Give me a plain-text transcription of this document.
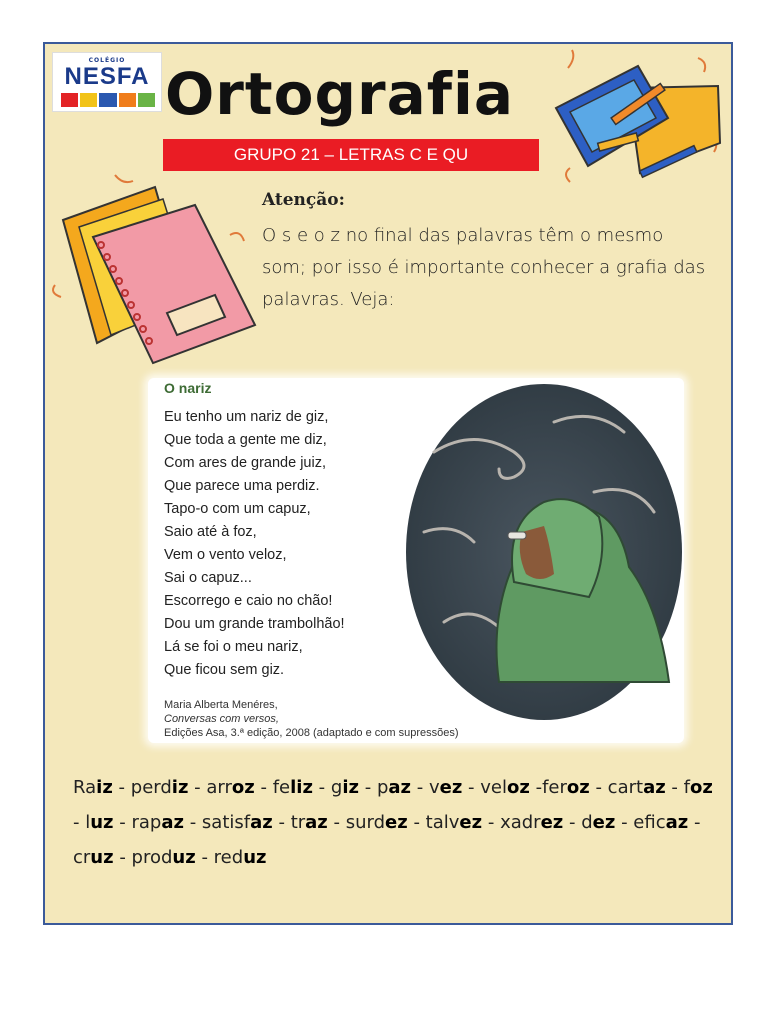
COLÉGIO
NESFA Ortografia
GRUPO 21 – LETRAS C E QU
Atenção:
O s e o z no final das palavras têm o mesmo som; por isso é importante conhecer a grafia das palavras. Veja:
O nariz
Eu tenho um nariz de giz,
Que toda a gente me diz,
Com ares de grande juiz,
Que parece uma perdiz.
Tapo-o com um capuz,
Saio até à foz,
Vem o vento veloz,
Sai o capuz...
Escorrego e caio no chão!
Dou um grande trambolhão!
Lá se foi o meu nariz,
Que ficou sem giz.
Maria Alberta Menéres,
Conversas com versos,
Edições Asa, 3.ª edição, 2008 (adaptado e com supressões)
Raiz - perdiz - arroz - feliz - giz - paz - vez - veloz -feroz - cartaz - foz - luz - rapaz - satisfaz - traz - surdez - talvez - xadrez - dez - eficaz - cruz - produz - reduz
